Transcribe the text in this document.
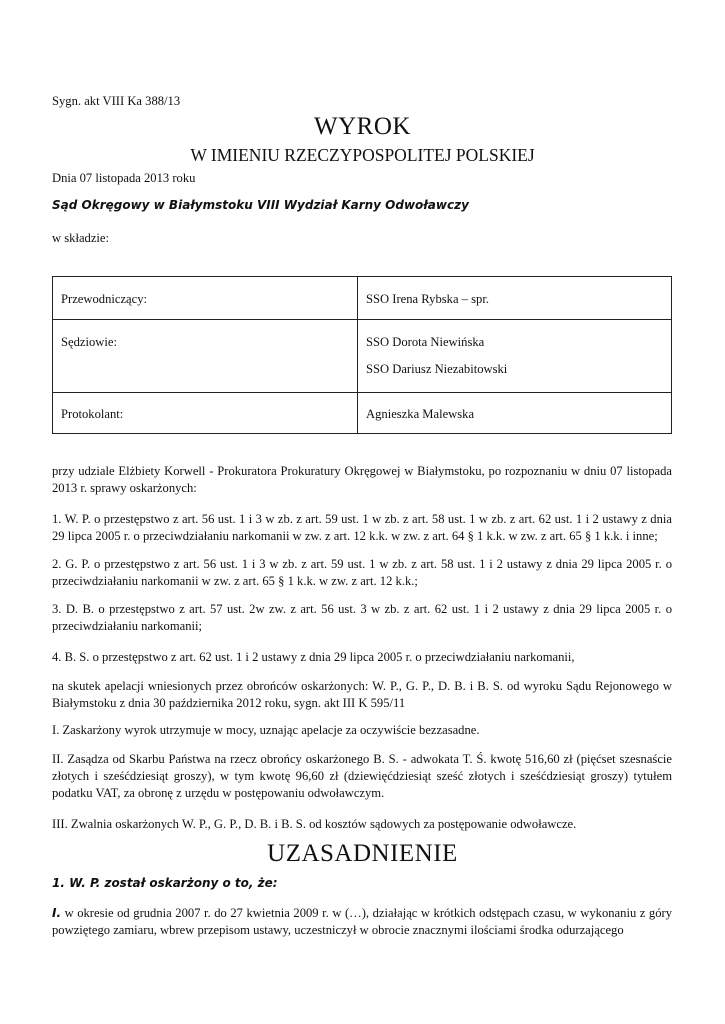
Sygn. akt VIII Ka 388/13
WYROK
W IMIENIU RZECZYPOSPOLITEJ POLSKIEJ
Dnia 07 listopada 2013 roku
Sąd Okręgowy w Białymstoku VIII Wydział Karny Odwoławczy
w składzie:
Przewodniczący:	SSO Irena Rybska – spr.
Sędziowie:	SSO Dorota Niewińska
SSO Dariusz Niezabitowski

Protokolant:	Agnieszka Malewska
przy udziale Elżbiety Korwell - Prokuratora Prokuratury Okręgowej w Białymstoku, po rozpoznaniu w dniu 07 listopada 2013 r. sprawy oskarżonych:
1. W. P. o przestępstwo z art. 56 ust. 1 i 3 w zb. z art. 59 ust. 1 w zb. z art. 58 ust. 1 w zb. z art. 62 ust. 1 i 2 ustawy z dnia 29 lipca 2005 r. o przeciwdziałaniu narkomanii w zw. z art. 12 k.k. w zw. z art. 64 § 1 k.k. w zw. z art. 65 § 1 k.k. i inne;
2. G. P. o przestępstwo z art. 56 ust. 1 i 3 w zb. z art. 59 ust. 1 w zb. z art. 58 ust. 1 i 2 ustawy z dnia 29 lipca 2005 r. o przeciwdziałaniu narkomanii w zw. z art. 65 § 1 k.k. w zw. z art. 12 k.k.;
3. D. B. o przestępstwo z art. 57 ust. 2w zw. z art. 56 ust. 3 w zb. z art. 62 ust. 1 i 2 ustawy z dnia 29 lipca 2005 r. o przeciwdziałaniu narkomanii;
4. B. S. o przestępstwo z art. 62 ust. 1 i 2 ustawy z dnia 29 lipca 2005 r. o przeciwdziałaniu narkomanii,
na skutek apelacji wniesionych przez obrońców oskarżonych: W. P., G. P., D. B. i B. S. od wyroku Sądu Rejonowego w Białymstoku z dnia 30 października 2012 roku, sygn. akt III K 595/11
I. Zaskarżony wyrok utrzymuje w mocy, uznając apelacje za oczywiście bezzasadne.
II. Zasądza od Skarbu Państwa na rzecz obrońcy oskarżonego B. S. - adwokata T. Ś. kwotę 516,60 zł (pięćset szesnaście złotych i sześćdziesiąt groszy), w tym kwotę 96,60 zł (dziewięćdziesiąt sześć złotych i sześćdziesiąt groszy) tytułem podatku VAT, za obronę z urzędu w postępowaniu odwoławczym.
III. Zwalnia oskarżonych W. P., G. P., D. B. i B. S. od kosztów sądowych za postępowanie odwoławcze.
UZASADNIENIE
1. W. P. został oskarżony o to, że:
I. w okresie od grudnia 2007 r. do 27 kwietnia 2009 r. w (…), działając w krótkich odstępach czasu, w wykonaniu z góry powziętego zamiaru, wbrew przepisom ustawy, uczestniczył w obrocie znacznymi ilościami środka odurzającego
